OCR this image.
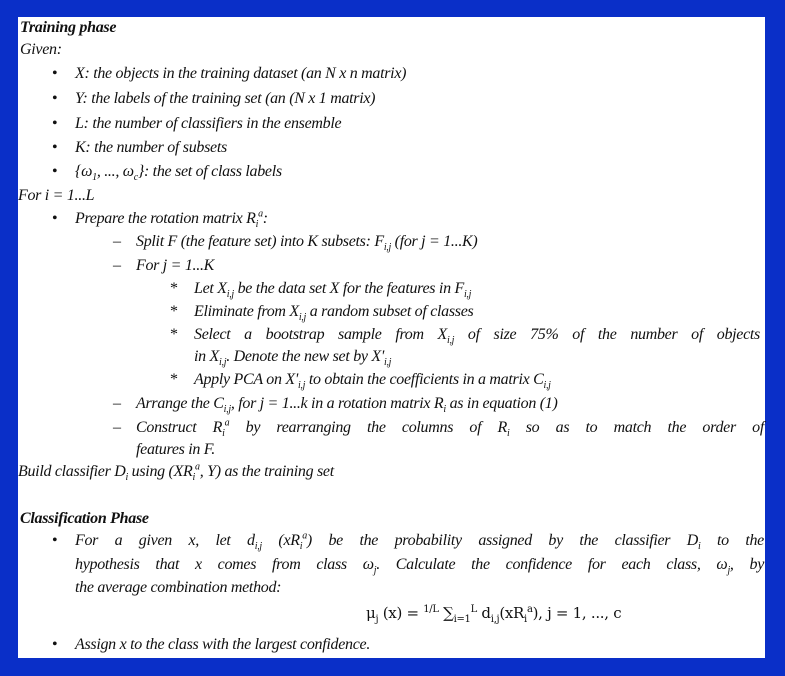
Training phase
Given:
• X: the objects in the training dataset (an N x n matrix)
• Y: the labels of the training set (an (N x 1 matrix)
• L: the number of classifiers in the ensemble
• K: the number of subsets
• {$\omega_1$, ..., $\omega_c$}: the set of class labels
For i = 1...L
• Prepare the rotation matrix $R_i^a$:
– Split F (the feature set) into K subsets: $F_{i,j}$ (for j = 1...K)
– For j = 1...K
* Let $X_{i,j}$ be the data set X for the features in $F_{i,j}$
* Eliminate from $X_{i,j}$ a random subset of classes
* Select a bootstrap sample from $X_{i,j}$ of size 75% of the number of objects
in $X_{i,j}$. Denote the new set by $X'_{i,j}$
* Apply PCA on $X'_{i,j}$ to obtain the coefficients in a matrix $C_{i,j}$
– Arrange the $C_{i,j}$, for j = 1...k in a rotation matrix $R_i$ as in equation (1)
– Construct $R_i^a$ by rearranging the columns of $R_i$ so as to match the order of
features in F.
Build classifier $D_i$ using ($XR_i^a$, Y) as the training set
Classification Phase
• For a given x, let $d_{i,j}$ $(xR_i^a)$ be the probability assigned by the classifier $D_i$ to the
hypothesis that x comes from class $\omega_j$. Calculate the confidence for each class, $\omega_j$, by
the average combination method:
$\mu_j$ (x) = $^{1/L}$ $\sum_{i=1}^L$ $d_{i,j}(xR_i^a)$, j = 1, ..., c
• Assign x to the class with the largest confidence.
